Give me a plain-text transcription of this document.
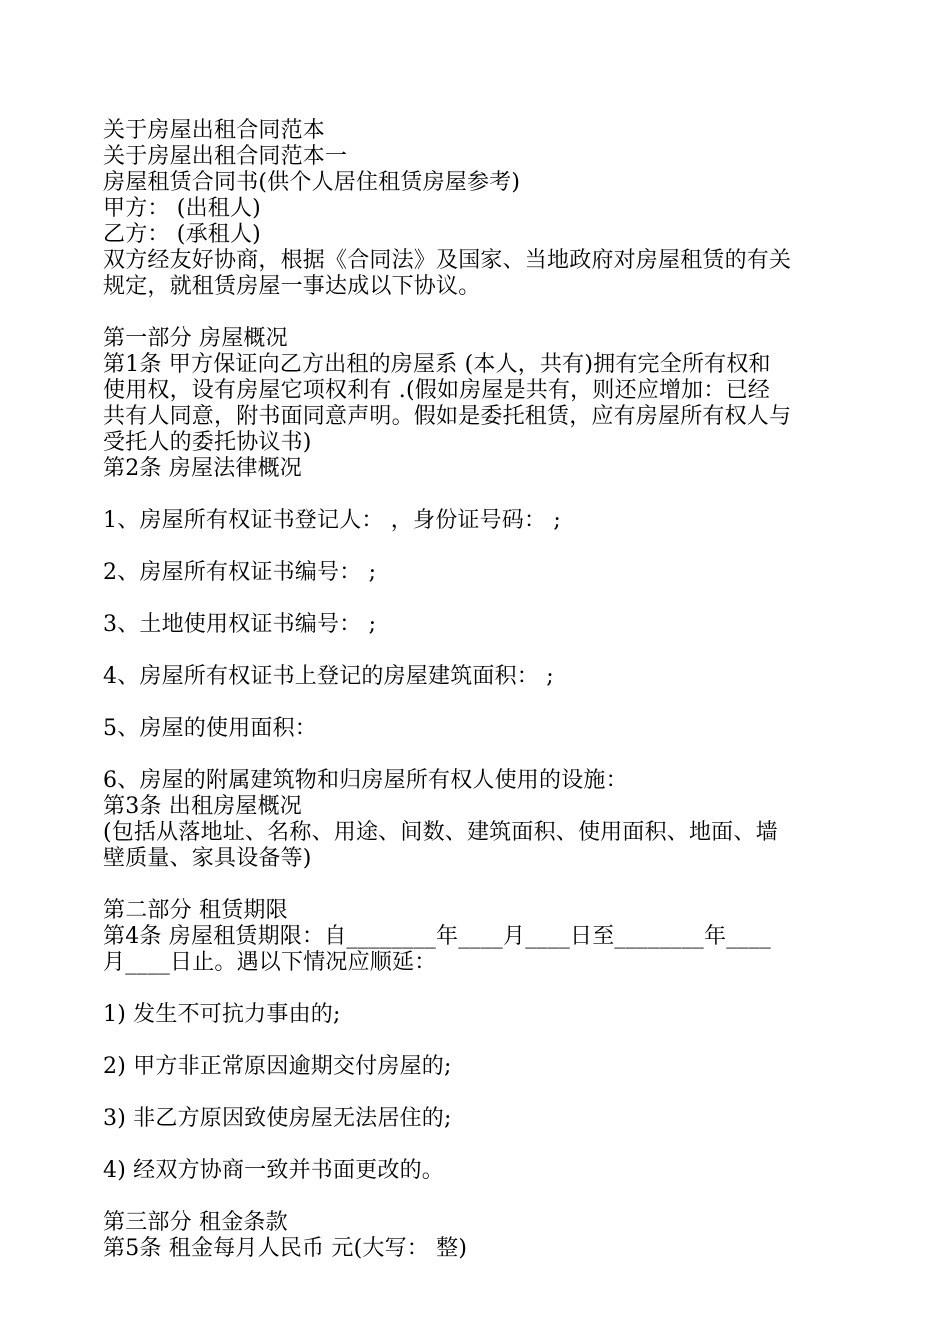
关于房屋出租合同范本
关于房屋出租合同范本一
房屋租赁合同书(供个人居住租赁房屋参考)
甲方： (出租人)
乙方： (承租人)
双方经友好协商，根据《合同法》及国家、当地政府对房屋租赁的有关
规定，就租赁房屋一事达成以下协议。
第一部分 房屋概况
第1条 甲方保证向乙方出租的房屋系 (本人，共有)拥有完全所有权和
使用权，设有房屋它项权利有 .(假如房屋是共有，则还应增加：已经
共有人同意，附书面同意声明。假如是委托租赁，应有房屋所有权人与
受托人的委托协议书)
第2条 房屋法律概况
1、房屋所有权证书登记人： ，身份证号码： ;
2、房屋所有权证书编号： ;
3、土地使用权证书编号： ;
4、房屋所有权证书上登记的房屋建筑面积： ;
5、房屋的使用面积：
6、房屋的附属建筑物和归房屋所有权人使用的设施：
第3条 出租房屋概况
(包括从落地址、名称、用途、间数、建筑面积、使用面积、地面、墙
壁质量、家具设备等)
第二部分 租赁期限
第4条 房屋租赁期限：自________年____月____日至________年____
月____日止。遇以下情况应顺延：
1) 发生不可抗力事由的;
2) 甲方非正常原因逾期交付房屋的;
3) 非乙方原因致使房屋无法居住的;
4) 经双方协商一致并书面更改的。
第三部分 租金条款
第5条 租金每月人民币 元(大写： 整)
